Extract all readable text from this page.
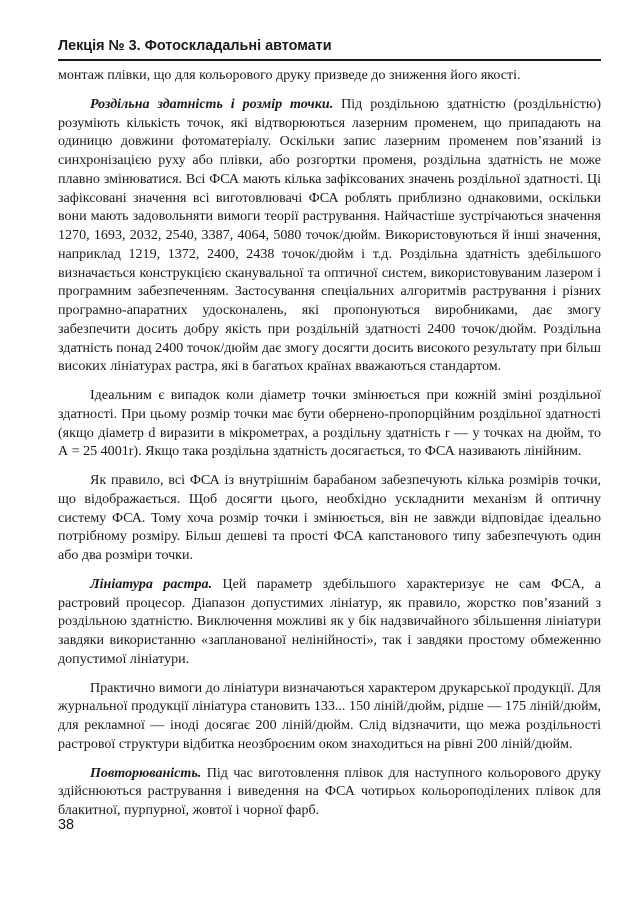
Лекція № 3. Фотоскладальні автомати

монтаж плівки, що для кольорового друку призведе до зниження його якості.

Роздільна здатність і розмір точки. Під роздільною здатністю (роздільністю) розуміють кількість точок, які відтворюються лазерним променем, що припадають на одиницю довжини фотоматеріалу. Оскільки запис лазерним променем пов’язаний із синхронізацією руху або плівки, або розгортки променя, роздільна здатність не може плавно змінюватися. Всі ФСА мають кілька зафіксованих значень роздільної здатності. Ці зафіксовані значення всі виготовлювачі ФСА роблять приблизно однаковими, оскільки вони мають задовольняти вимоги теорії растрування. Найчастіше зустрічаються значення 1270, 1693, 2032, 2540, 3387, 4064, 5080 точок/дюйм. Використовуються й інші значення, наприклад 1219, 1372, 2400, 2438 точок/дюйм і т.д. Роздільна здатність здебільшого визначається конструкцією сканувальної та оптичної систем, використовуваним лазером і програмним забезпеченням. Застосування спеціальних алгоритмів растрування і різних програмно-апаратних удосконалень, які пропонуються виробниками, дає змогу забезпечити досить добру якість при роздільній здатності 2400 точок/дюйм. Роздільна здатність понад 2400 точок/дюйм дає змогу досягти досить високого результату при більш високих лініатурах растра, які в багатьох країнах вважаються стандартом.

Ідеальним є випадок коли діаметр точки змінюється при кожній зміні роздільної здатності. При цьому розмір точки має бути обернено-пропорційним роздільної здатності (якщо діаметр d виразити в мікрометрах, а роздільну здатність r — у точках на дюйм, то А = 25 4001r). Якщо така роздільна здатність досягається, то ФСА називають лінійним.

Як правило, всі ФСА із внутрішнім барабаном забезпечують кілька розмірів точки, що відображається. Щоб досягти цього, необхідно ускладнити механізм й оптичну систему ФСА. Тому хоча розмір точки і змінюється, він не завжди відповідає ідеально потрібному розміру. Більш дешеві та прості ФСА капстанового типу забезпечують один або два розміри точки.

Лініатура растра. Цей параметр здебільшого характеризує не сам ФСА, а растровий процесор. Діапазон допустимих лініатур, як правило, жорстко пов’язаний з роздільною здатністю. Виключення можливі як у бік надзвичайного збільшення лініатури завдяки використанню «запланованої нелінійності», так і завдяки простому обмеженню допустимої лініатури.

Практично вимоги до лініатури визначаються характером друкарської продукції. Для журнальної продукції лініатура становить 133... 150 ліній/дюйм, рідше — 175 ліній/дюйм, для рекламної — іноді досягає 200 ліній/дюйм. Слід відзначити, що межа роздільності растрової структури відбитка неозброєним оком знаходиться на рівні 200 ліній/дюйм.

Повторюваність. Під час виготовлення плівок для наступного кольорового друку здійснюються растрування і виведення на ФСА чотирьох кольороподілених плівок для блакитної, пурпурної, жовтої і чорної фарб.

38
